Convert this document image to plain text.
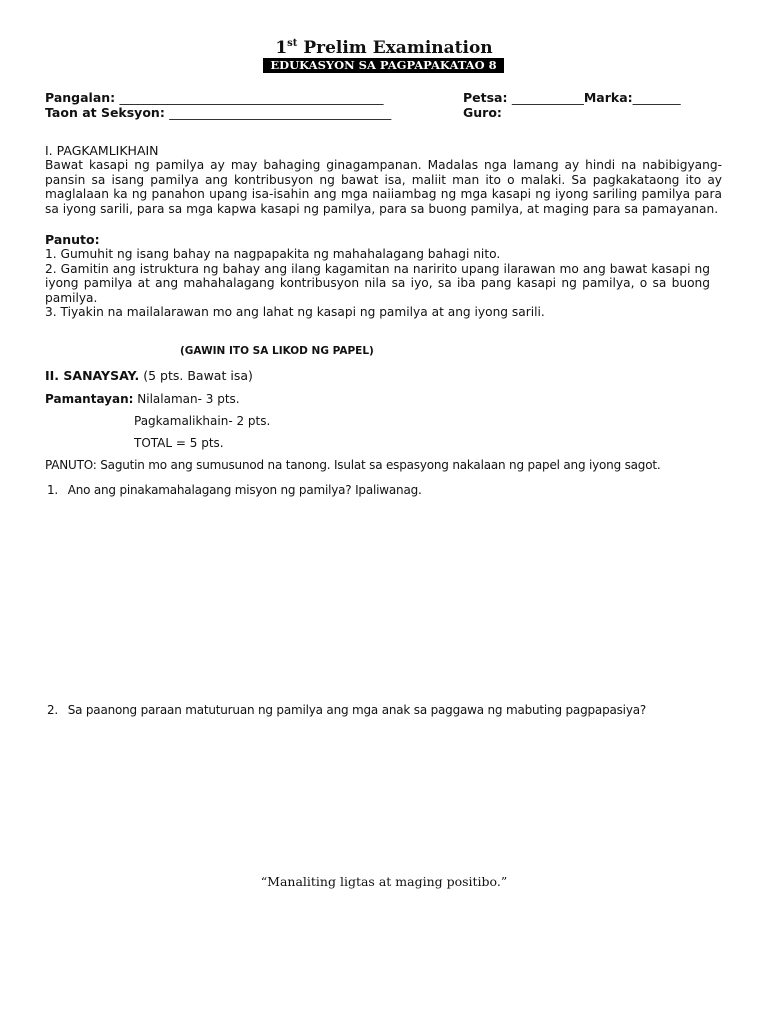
1st Prelim Examination
EDUKASYON SA PAGPAPAKATAO 8
Pangalan: ____________________________________________	Petsa: ____________Marka:________
Taon at Seksyon: _____________________________________	Guro:
I. PAGKAMLIKHAIN
Bawat kasapi ng pamilya ay may bahaging ginagampanan. Madalas nga lamang ay hindi na nabibigyang-
pansin sa isang pamilya ang kontribusyon ng bawat isa, maliit man ito o malaki. Sa pagkakataong ito ay
maglalaan ka ng panahon upang isa-isahin ang mga naiiambag ng mga kasapi ng iyong sariling pamilya para
sa iyong sarili, para sa mga kapwa kasapi ng pamilya, para sa buong pamilya, at maging para sa pamayanan.
Panuto:
1. Gumuhit ng isang bahay na nagpapakita ng mahahalagang bahagi nito.
2. Gamitin ang istruktura ng bahay ang ilang kagamitan na naririto upang ilarawan mo ang bawat kasapi ng
iyong pamilya at ang mahahalagang kontribusyon nila sa iyo, sa iba pang kasapi ng pamilya, o sa buong
pamilya.
3. Tiyakin na mailalarawan mo ang lahat ng kasapi ng pamilya at ang iyong sarili.
(GAWIN ITO SA LIKOD NG PAPEL)
II. SANAYSAY. (5 pts. Bawat isa)
Pamantayan: Nilalaman- 3 pts.
Pagkamalikhain- 2 pts.
TOTAL = 5 pts.
PANUTO: Sagutin mo ang sumusunod na tanong. Isulat sa espasyong nakalaan ng papel ang iyong sagot.
1. Ano ang pinakamahalagang misyon ng pamilya? Ipaliwanag.
2. Sa paanong paraan matuturuan ng pamilya ang mga anak sa paggawa ng mabuting pagpapasiya?
“Manaliting ligtas at maging positibo.”
